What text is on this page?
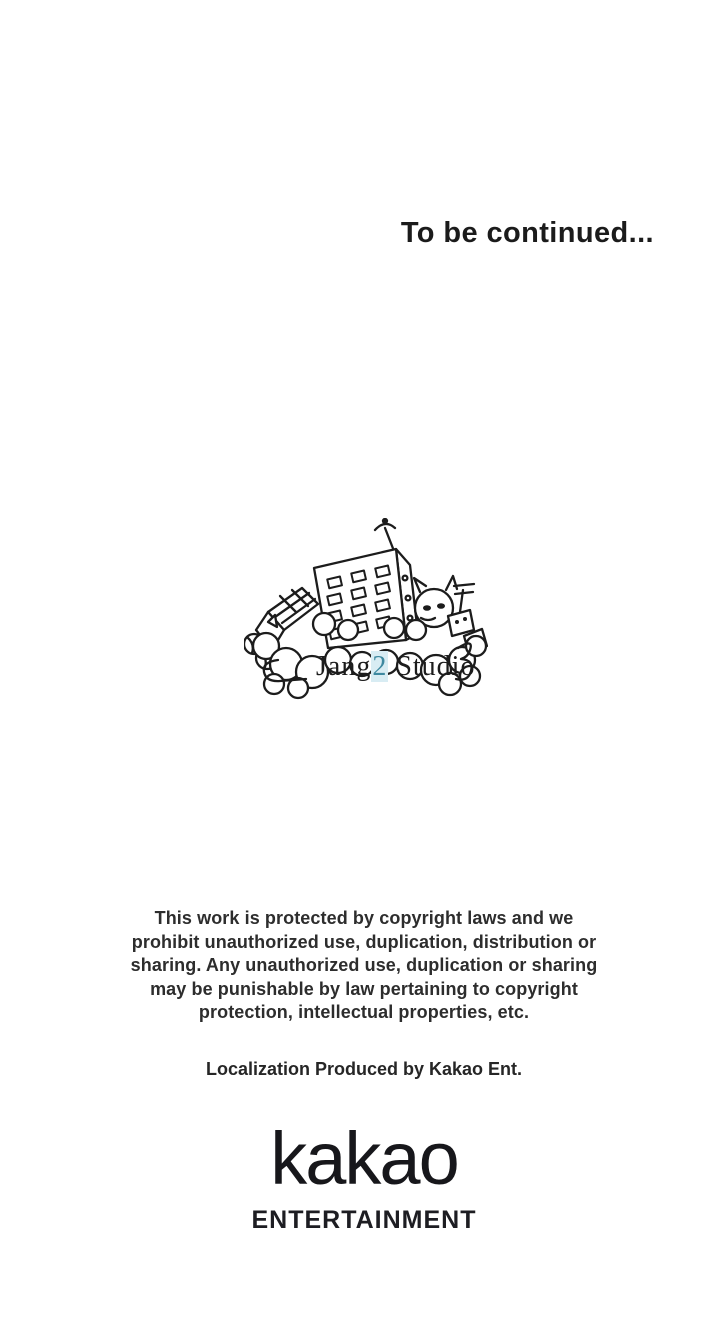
To be continued...
Jang2 Studio
This work is protected by copyright laws and we
prohibit unauthorized use, duplication, distribution or
sharing. Any unauthorized use, duplication or sharing
may be punishable by law pertaining to copyright
protection, intellectual properties, etc.
Localization Produced by Kakao Ent.
kakao
ENTERTAINMENT
